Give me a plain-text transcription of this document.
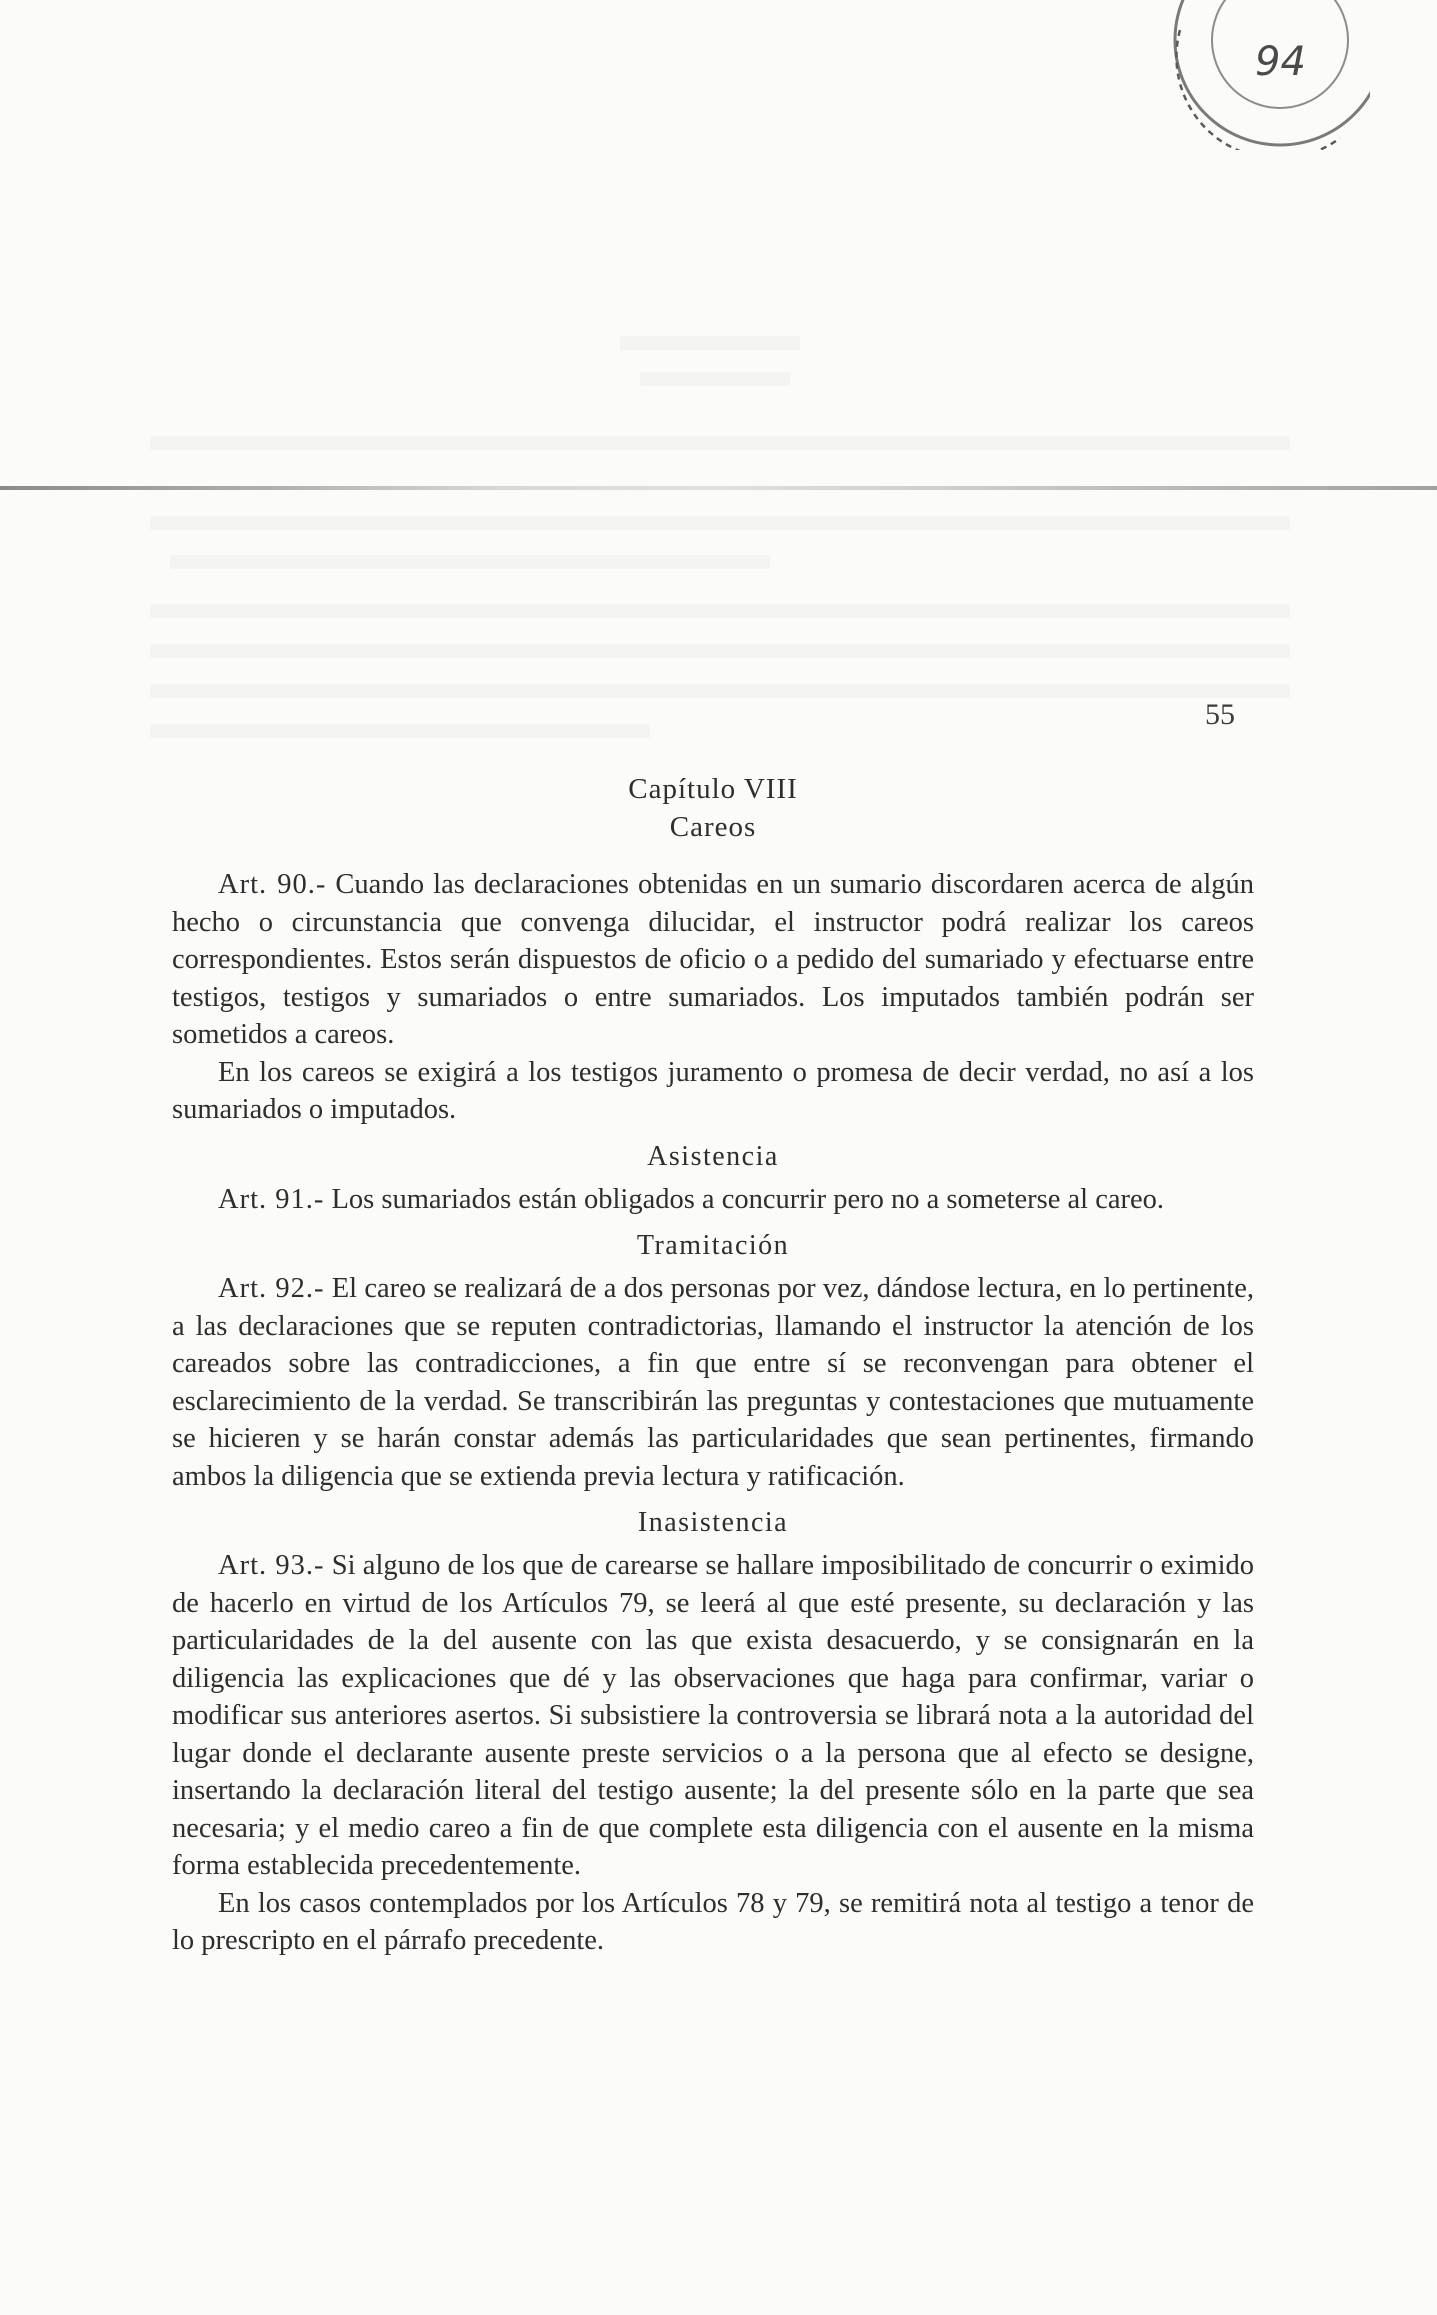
94
55
Capítulo VIII
Careos

Art. 90.- Cuando las declaraciones obtenidas en un sumario discordaren acerca de algún hecho o circunstancia que convenga dilucidar, el instructor podrá realizar los careos correspondientes. Estos serán dispuestos de oficio o a pedido del sumariado y efectuarse entre testigos, testigos y sumariados o entre sumariados. Los imputados también podrán ser sometidos a careos.

En los careos se exigirá a los testigos juramento o promesa de decir verdad, no así a los sumariados o imputados.

Asistencia

Art. 91.- Los sumariados están obligados a concurrir pero no a someterse al careo.

Tramitación

Art. 92.- El careo se realizará de a dos personas por vez, dándose lectura, en lo pertinente, a las declaraciones que se reputen contradictorias, llamando el instructor la atención de los careados sobre las contradicciones, a fin que entre sí se reconvengan para obtener el esclarecimiento de la verdad. Se transcribirán las preguntas y contestaciones que mutuamente se hicieren y se harán constar además las particularidades que sean pertinentes, firmando ambos la diligencia que se extienda previa lectura y ratificación.

Inasistencia

Art. 93.- Si alguno de los que de carearse se hallare imposibilitado de concurrir o eximido de hacerlo en virtud de los Artículos 79, se leerá al que esté presente, su declaración y las particularidades de la del ausente con las que exista desacuerdo, y se consignarán en la diligencia las explicaciones que dé y las observaciones que haga para confirmar, variar o modificar sus anteriores asertos. Si subsistiere la controversia se librará nota a la autoridad del lugar donde el declarante ausente preste servicios o a la persona que al efecto se designe, insertando la declaración literal del testigo ausente; la del presente sólo en la parte que sea necesaria; y el medio careo a fin de que complete esta diligencia con el ausente en la misma forma establecida precedentemente.

En los casos contemplados por los Artículos 78 y 79, se remitirá nota al testigo a tenor de lo prescripto en el párrafo precedente.
